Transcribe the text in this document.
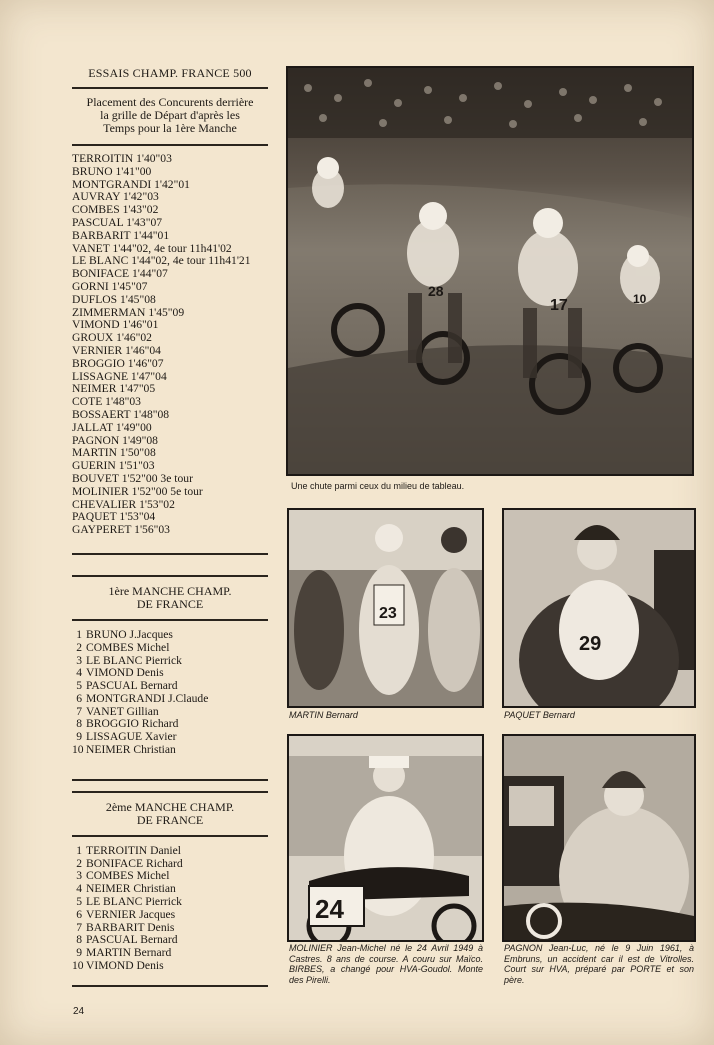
ESSAIS CHAMP. FRANCE 500
Placement des Concurents derrière la grille de Départ d'après les Temps pour la 1ère Manche
TERROITIN 1'40"03
BRUNO 1'41"00
MONTGRANDI 1'42"01
AUVRAY 1'42"03
COMBES 1'43"02
PASCUAL 1'43"07
BARBARIT 1'44"01
VANET 1'44"02, 4e tour 11h41'02
LE BLANC 1'44"02, 4e tour 11h41'21
BONIFACE 1'44"07
GORNI 1'45"07
DUFLOS 1'45"08
ZIMMERMAN 1'45"09
VIMOND 1'46"01
GROUX 1'46"02
VERNIER 1'46"04
BROGGIO 1'46"07
LISSAGNE 1'47"04
NEIMER 1'47"05
COTE 1'48"03
BOSSAERT 1'48"08
JALLAT 1'49"00
PAGNON 1'49"08
MARTIN 1'50"08
GUERIN 1'51"03
BOUVET 1'52"00 3e tour
MOLINIER 1'52"00 5e tour
CHEVALIER 1'53"02
PAQUET 1'53"04
GAYPERET 1'56"03
1ère MANCHE CHAMP.
DE FRANCE
1 BRUNO J.Jacques
2 COMBES Michel
3 LE BLANC Pierrick
4 VIMOND Denis
5 PASCUAL Bernard
6 MONTGRANDI J.Claude
7 VANET Gillian
8 BROGGIO Richard
9 LISSAGUE Xavier
10 NEIMER Christian
2ème MANCHE CHAMP.
DE FRANCE
1 TERROITIN Daniel
2 BONIFACE Richard
3 COMBES Michel
4 NEIMER Christian
5 LE BLANC Pierrick
6 VERNIER Jacques
7 BARBARIT Denis
8 PASCUAL Bernard
9 MARTIN Bernard
10 VIMOND Denis
24
28
17	10
Une chute parmi ceux du milieu de tableau.
23
MARTIN Bernard
29
PAQUET Bernard
24
MOLINIER Jean-Michel né le 24 Avril 1949 à Castres. 8 ans de course. A couru sur Maïco. BIRBES, a changé pour HVA-Goudol. Monte des Pirelli.
PAGNON Jean-Luc, né le 9 Juin 1961, à Embruns, un accident car il est de Vitrolles. Court sur HVA, préparé par PORTE et son père.
